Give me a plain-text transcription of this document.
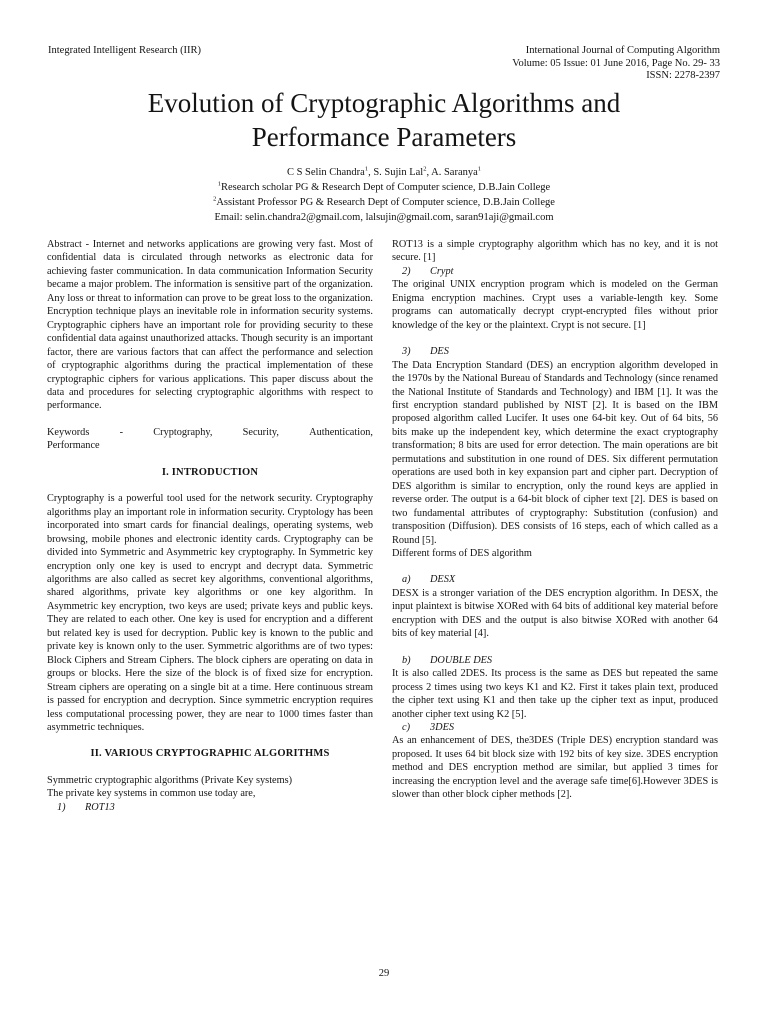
Integrated Intelligent Research (IIR)	International Journal of Computing Algorithm
Volume: 05 Issue: 01 June 2016, Page No. 29- 33
ISSN: 2278-2397
Evolution of Cryptographic Algorithms and
Performance Parameters
C S Selin Chandra$^1$, S. Sujin Lal$^2$, A. Saranya$^1$
$^1$Research scholar PG & Research Dept of Computer science, D.B.Jain College
$^2$Assistant Professor PG & Research Dept of Computer science, D.B.Jain College
Email: selin.chandra2@gmail.com, lalsujin@gmail.com, saran91aji@gmail.com

Abstract - Internet and networks applications are growing very fast. Most of confidential data is circulated through networks as electronic data for achieving faster communication. In data communication Information Security became a major problem. The information is sensitive part of the organization. Any loss or threat to information can prove to be great loss to the organization. Encryption technique plays an inevitable role in information security systems. Cryptographic ciphers have an important role for providing security to these confidential data against unauthorized attacks. Though security is an important factor, there are various factors that can affect the performance and selection of cryptographic algorithms during the practical implementation of these cryptographic ciphers for various applications. This paper discuss about the data and procedures for selecting cryptographic algorithms with respect to performance.

Keywords	-	Cryptography,	Security,	Authentication,

Performance

I. INTRODUCTION

Cryptography is a powerful tool used for the network security. Cryptography algorithms play an important role in information security. Cryptology has been incorporated into smart cards for financial dealings, operating systems, web browsing, mobile phones and electronic identity cards. Cryptography can be divided into Symmetric and Asymmetric key cryptography. In Symmetric key encryption only one key is used to encrypt and decrypt data. Symmetric algorithms are also called as secret key algorithms, conventional algorithms, shared algorithms, private key algorithms or one key algorithm. In Asymmetric key encryption, two keys are used; private keys and public keys. They are related to each other. One key is used for encryption and a different but related key is used for decryption. Public key is known to the public and private key is known only to the user. Symmetric algorithms are of two types: Block Ciphers and Stream Ciphers. The block ciphers are operating on data in groups or blocks. Here the size of the block is of fixed size for encryption. Stream ciphers are operating on a single bit at a time. Here continuous stream is passed for encryption and decryption. Since symmetric encryption requires less computational processing power, they are near to 1000 times faster than asymmetric techniques.

II. VARIOUS CRYPTOGRAPHIC ALGORITHMS

Symmetric cryptographic algorithms (Private Key systems)

The private key systems in common use today are,

1) ROT13

ROT13 is a simple cryptography algorithm which has no key, and it is not secure. [1]

2) Crypt

The original UNIX encryption program which is modeled on the German Enigma encryption machines. Crypt uses a variable-length key. Some programs can automatically decrypt crypt-encrypted files without prior knowledge of the key or the plaintext. Crypt is not secure. [1]

3) DES

The Data Encryption Standard (DES) an encryption algorithm developed in the 1970s by the National Bureau of Standards and Technology (since renamed the National Institute of Standards and Technology) and IBM [1]. It was the first encryption standard published by NIST [2]. It is based on the IBM proposed algorithm called Lucifer. It uses one 64-bit key. Out of 64 bits, 56 bits make up the independent key, which determine the exact cryptography transformation; 8 bits are used for error detection. The main operations are bit permutations and substitution in one round of DES. Six different permutation operations are used both in key expansion part and cipher part. Decryption of DES algorithm is similar to encryption, only the round keys are applied in reverse order. The output is a 64-bit block of cipher text [2]. DES is based on two fundamental attributes of cryptography: Substitution (confusion) and transposition (Diffusion). DES consists of 16 steps, each of which called as a Round [5].

Different forms of DES algorithm

a) DESX

DESX is a stronger variation of the DES encryption algorithm. In DESX, the input plaintext is bitwise XORed with 64 bits of additional key material before encryption with DES and the output is also bitwise XORed with another 64 bits of key material [4].

b) DOUBLE DES

It is also called 2DES. Its process is the same as DES but repeated the same process 2 times using two keys K1 and K2. First it takes plain text, produced the cipher text using K1 and then take up the cipher text as input, produced another cipher text using K2 [5].

c) 3DES

As an enhancement of DES, the3DES (Triple DES) encryption standard was proposed. It uses 64 bit block size with 192 bits of key size. 3DES encryption method and DES encryption method are similar, but applied 3 times for increasing the encryption level and the average safe time[6].However 3DES is slower than other block cipher methods [2].

29
